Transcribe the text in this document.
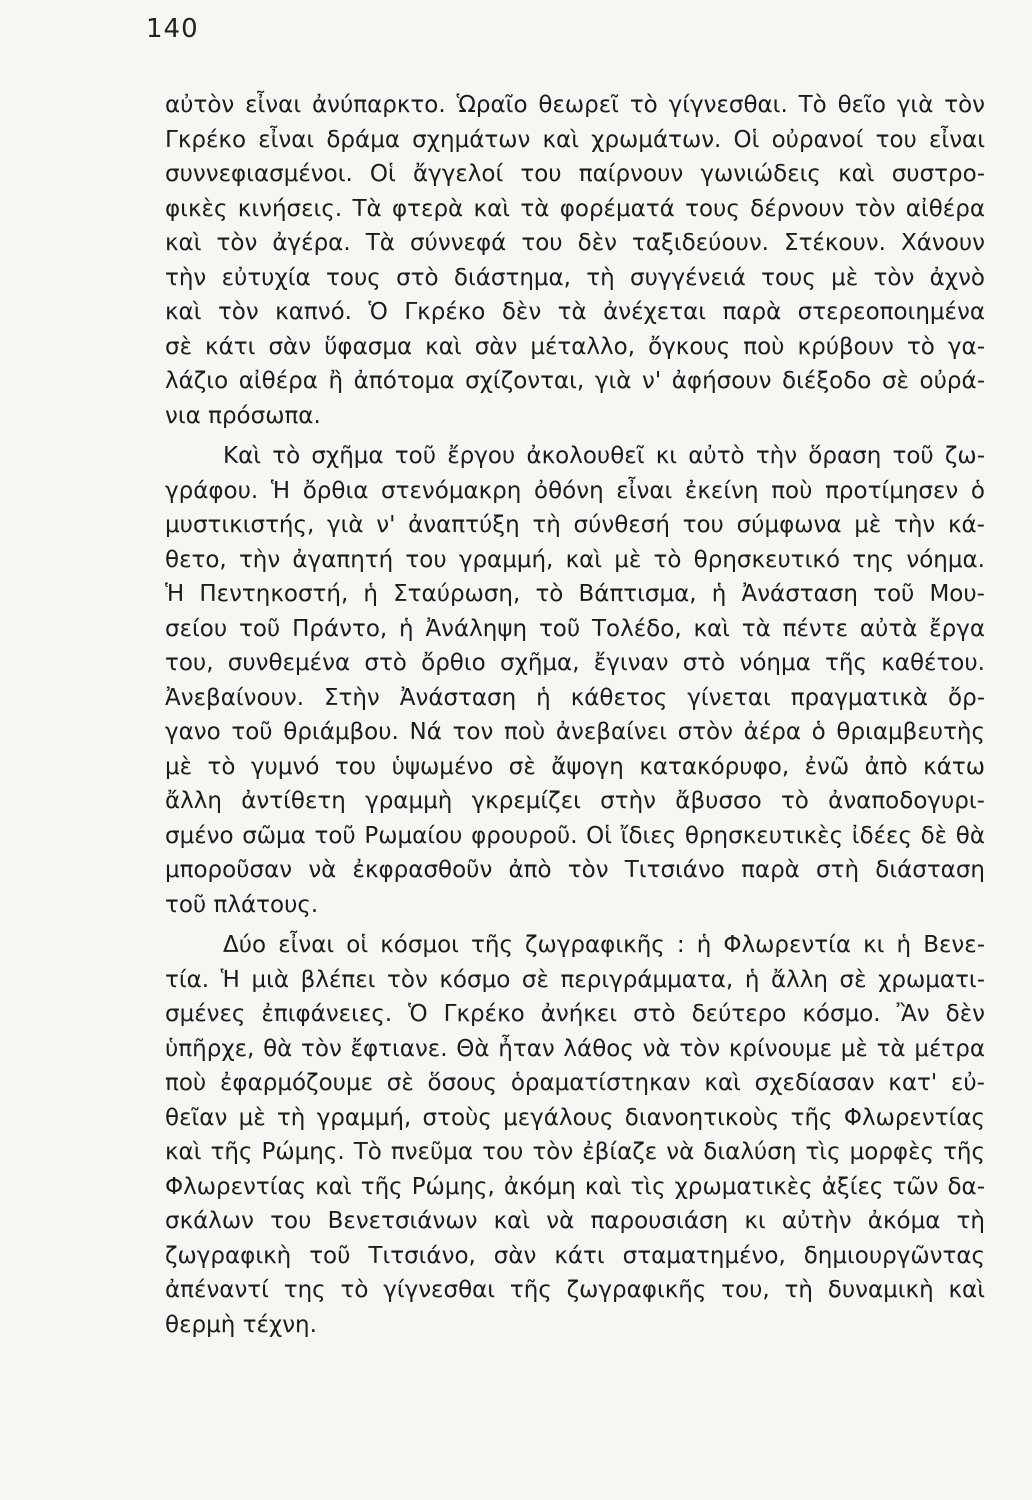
140
αὐτὸν εἶναι ἀνύπαρκτο. Ὡραῖο θεωρεῖ τὸ γίγνεσθαι. Τὸ θεῖο γιὰ τὸν
Γκρέκο εἶναι δράμα σχημάτων καὶ χρωμάτων. Οἱ οὐρανοί του εἶναι
συννεφιασμένοι. Οἱ ἄγγελοί του παίρνουν γωνιώδεις καὶ συστρο-
φικὲς κινήσεις. Τὰ φτερὰ καὶ τὰ φορέματά τους δέρνουν τὸν αἰθέρα
καὶ τὸν ἀγέρα. Τὰ σύννεφά του δὲν ταξιδεύουν. Στέκουν. Χάνουν
τὴν εὐτυχία τους στὸ διάστημα, τὴ συγγένειά τους μὲ τὸν ἀχνὸ
καὶ τὸν καπνό. Ὁ Γκρέκο δὲν τὰ ἀνέχεται παρὰ στερεοποιημένα
σὲ κάτι σὰν ὕφασμα καὶ σὰν μέταλλο, ὄγκους ποὺ κρύβουν τὸ γα-
λάζιο αἰθέρα ἢ ἀπότομα σχίζονται, γιὰ ν' ἀφήσουν διέξοδο σὲ οὐρά-
νια πρόσωπα.
Καὶ τὸ σχῆμα τοῦ ἔργου ἀκολουθεῖ κι αὐτὸ τὴν ὅραση τοῦ ζω-
γράφου. Ἡ ὄρθια στενόμακρη ὀθόνη εἶναι ἐκείνη ποὺ προτίμησεν ὁ
μυστικιστής, γιὰ ν' ἀναπτύξη τὴ σύνθεσή του σύμφωνα μὲ τὴν κά-
θετο, τὴν ἀγαπητή του γραμμή, καὶ μὲ τὸ θρησκευτικό της νόημα.
Ἡ Πεντηκοστή, ἡ Σταύρωση, τὸ Βάπτισμα, ἡ Ἀνάσταση τοῦ Μου-
σείου τοῦ Πράντο, ἡ Ἀνάληψη τοῦ Τολέδο, καὶ τὰ πέντε αὐτὰ ἔργα
του, συνθεμένα στὸ ὄρθιο σχῆμα, ἔγιναν στὸ νόημα τῆς καθέτου.
Ἀνεβαίνουν. Στὴν Ἀνάσταση ἡ κάθετος γίνεται πραγματικὰ ὄρ-
γανο τοῦ θριάμβου. Νά τον ποὺ ἀνεβαίνει στὸν ἀέρα ὁ θριαμβευτὴς
μὲ τὸ γυμνό του ὑψωμένο σὲ ἄψογη κατακόρυφο, ἐνῶ ἀπὸ κάτω
ἄλλη ἀντίθετη γραμμὴ γκρεμίζει στὴν ἄβυσσο τὸ ἀναποδογυρι-
σμένο σῶμα τοῦ Ρωμαίου φρουροῦ. Οἱ ἴδιες θρησκευτικὲς ἰδέες δὲ θὰ
μποροῦσαν νὰ ἐκφρασθοῦν ἀπὸ τὸν Τιτσιάνο παρὰ στὴ διάσταση
τοῦ πλάτους.
Δύο εἶναι οἱ κόσμοι τῆς ζωγραφικῆς : ἡ Φλωρεντία κι ἡ Βενε-
τία. Ἡ μιὰ βλέπει τὸν κόσμο σὲ περιγράμματα, ἡ ἄλλη σὲ χρωματι-
σμένες ἐπιφάνειες. Ὁ Γκρέκο ἀνήκει στὸ δεύτερο κόσμο. Ἂν δὲν
ὑπῆρχε, θὰ τὸν ἔφτιανε. Θὰ ἦταν λάθος νὰ τὸν κρίνουμε μὲ τὰ μέτρα
ποὺ ἐφαρμόζουμε σὲ ὅσους ὁραματίστηκαν καὶ σχεδίασαν κατ' εὐ-
θεῖαν μὲ τὴ γραμμή, στοὺς μεγάλους διανοητικοὺς τῆς Φλωρεντίας
καὶ τῆς Ρώμης. Τὸ πνεῦμα του τὸν ἐβίαζε νὰ διαλύση τὶς μορφὲς τῆς
Φλωρεντίας καὶ τῆς Ρώμης, ἀκόμη καὶ τὶς χρωματικὲς ἀξίες τῶν δα-
σκάλων του Βενετσιάνων καὶ νὰ παρουσιάση κι αὐτὴν ἀκόμα τὴ
ζωγραφικὴ τοῦ Τιτσιάνο, σὰν κάτι σταματημένο, δημιουργῶντας
ἀπέναντί της τὸ γίγνεσθαι τῆς ζωγραφικῆς του, τὴ δυναμικὴ καὶ
θερμὴ τέχνη.
